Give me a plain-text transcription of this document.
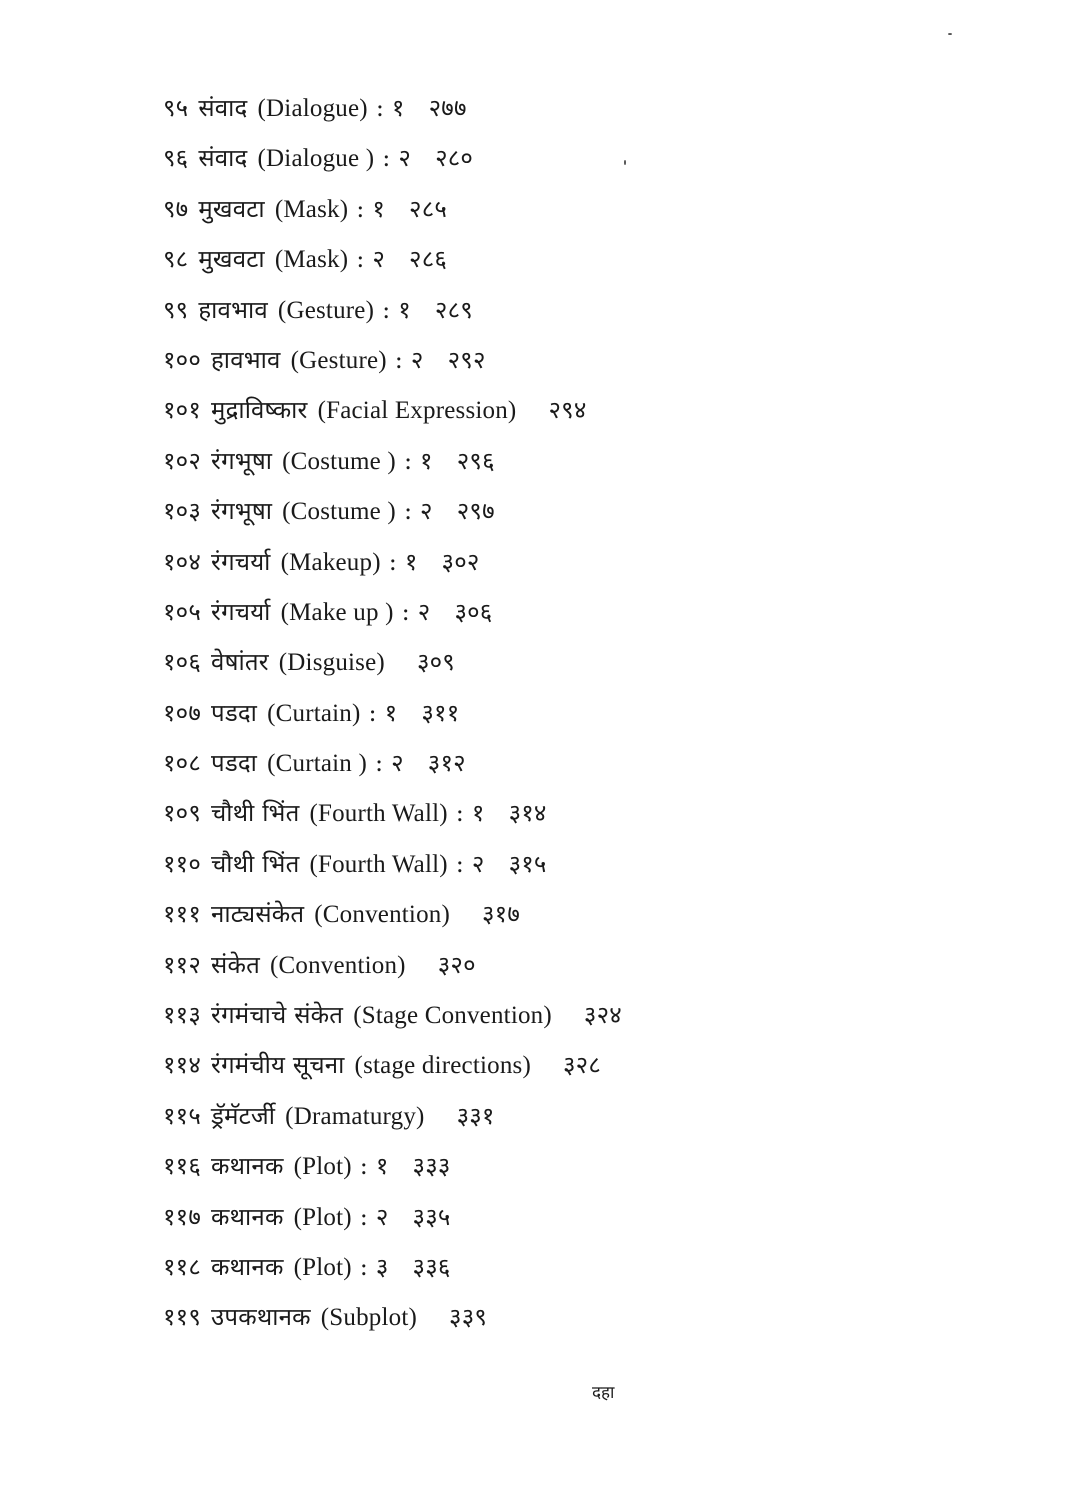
९५ संवाद (Dialogue) : १ २७७
९६ संवाद (Dialogue ) : २ २८०
९७ मुखवटा (Mask) : १ २८५
९८ मुखवटा (Mask) : २ २८६
९९ हावभाव (Gesture) : १ २८९
१०० हावभाव (Gesture) : २ २९२
१०१ मुद्राविष्कार (Facial Expression) २९४
१०२ रंगभूषा (Costume ) : १ २९६
१०३ रंगभूषा (Costume ) : २ २९७
१०४ रंगचर्या (Makeup) : १ ३०२
१०५ रंगचर्या (Make up ) : २ ३०६
१०६ वेषांतर (Disguise) ३०९
१०७ पडदा (Curtain) : १ ३११
१०८ पडदा (Curtain ) : २ ३१२
१०९ चौथी भिंत (Fourth Wall) : १ ३१४
११० चौथी भिंत (Fourth Wall) : २ ३१५
१११ नाट्यसंकेत (Convention) ३१७
११२ संकेत (Convention) ३२०
११३ रंगमंचाचे संकेत (Stage Convention) ३२४
११४ रंगमंचीय सूचना (stage directions) ३२८
११५ ड्रॅमॅटर्जी (Dramaturgy) ३३१
११६ कथानक (Plot) : १ ३३३
११७ कथानक (Plot) : २ ३३५
११८ कथानक (Plot) : ३ ३३६
११९ उपकथानक (Subplot) ३३९
दहा
